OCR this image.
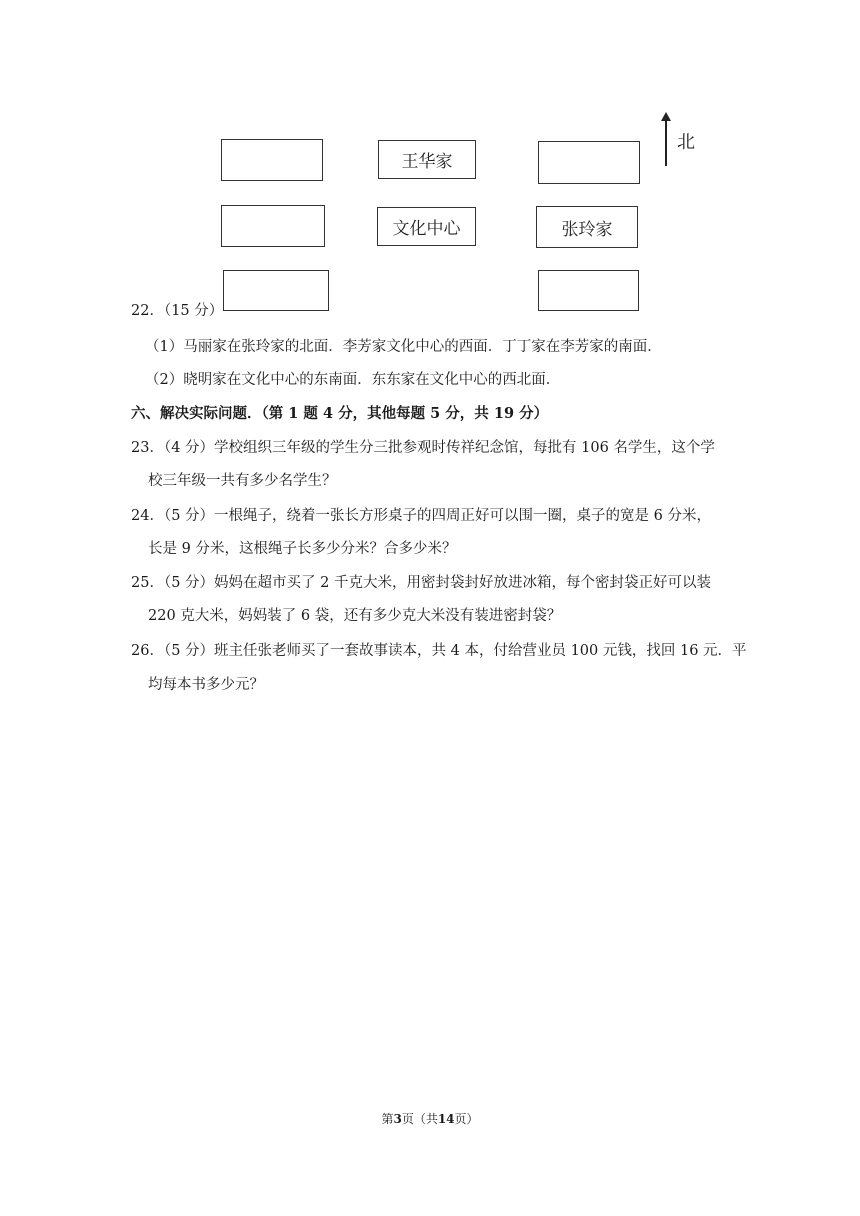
王华家
文化中心	张玲家
北
22．（15 分）
（1）马丽家在张玲家的北面．李芳家文化中心的西面．丁丁家在李芳家的南面．
（2）晓明家在文化中心的东南面．东东家在文化中心的西北面．
六、解决实际问题．（第 1 题 4 分，其他每题 5 分，共 19 分）
23．（4 分）学校组织三年级的学生分三批参观时传祥纪念馆，每批有 106 名学生，这个学
校三年级一共有多少名学生？
24．（5 分）一根绳子，绕着一张长方形桌子的四周正好可以围一圈，桌子的宽是 6 分米，
长是 9 分米，这根绳子长多少分米？合多少米？
25．（5 分）妈妈在超市买了 2 千克大米，用密封袋封好放进冰箱，每个密封袋正好可以装
220 克大米，妈妈装了 6 袋，还有多少克大米没有装进密封袋？
26．（5 分）班主任张老师买了一套故事读本，共 4 本，付给营业员 100 元钱，找回 16 元．平
均每本书多少元？
第3页（共14页）
